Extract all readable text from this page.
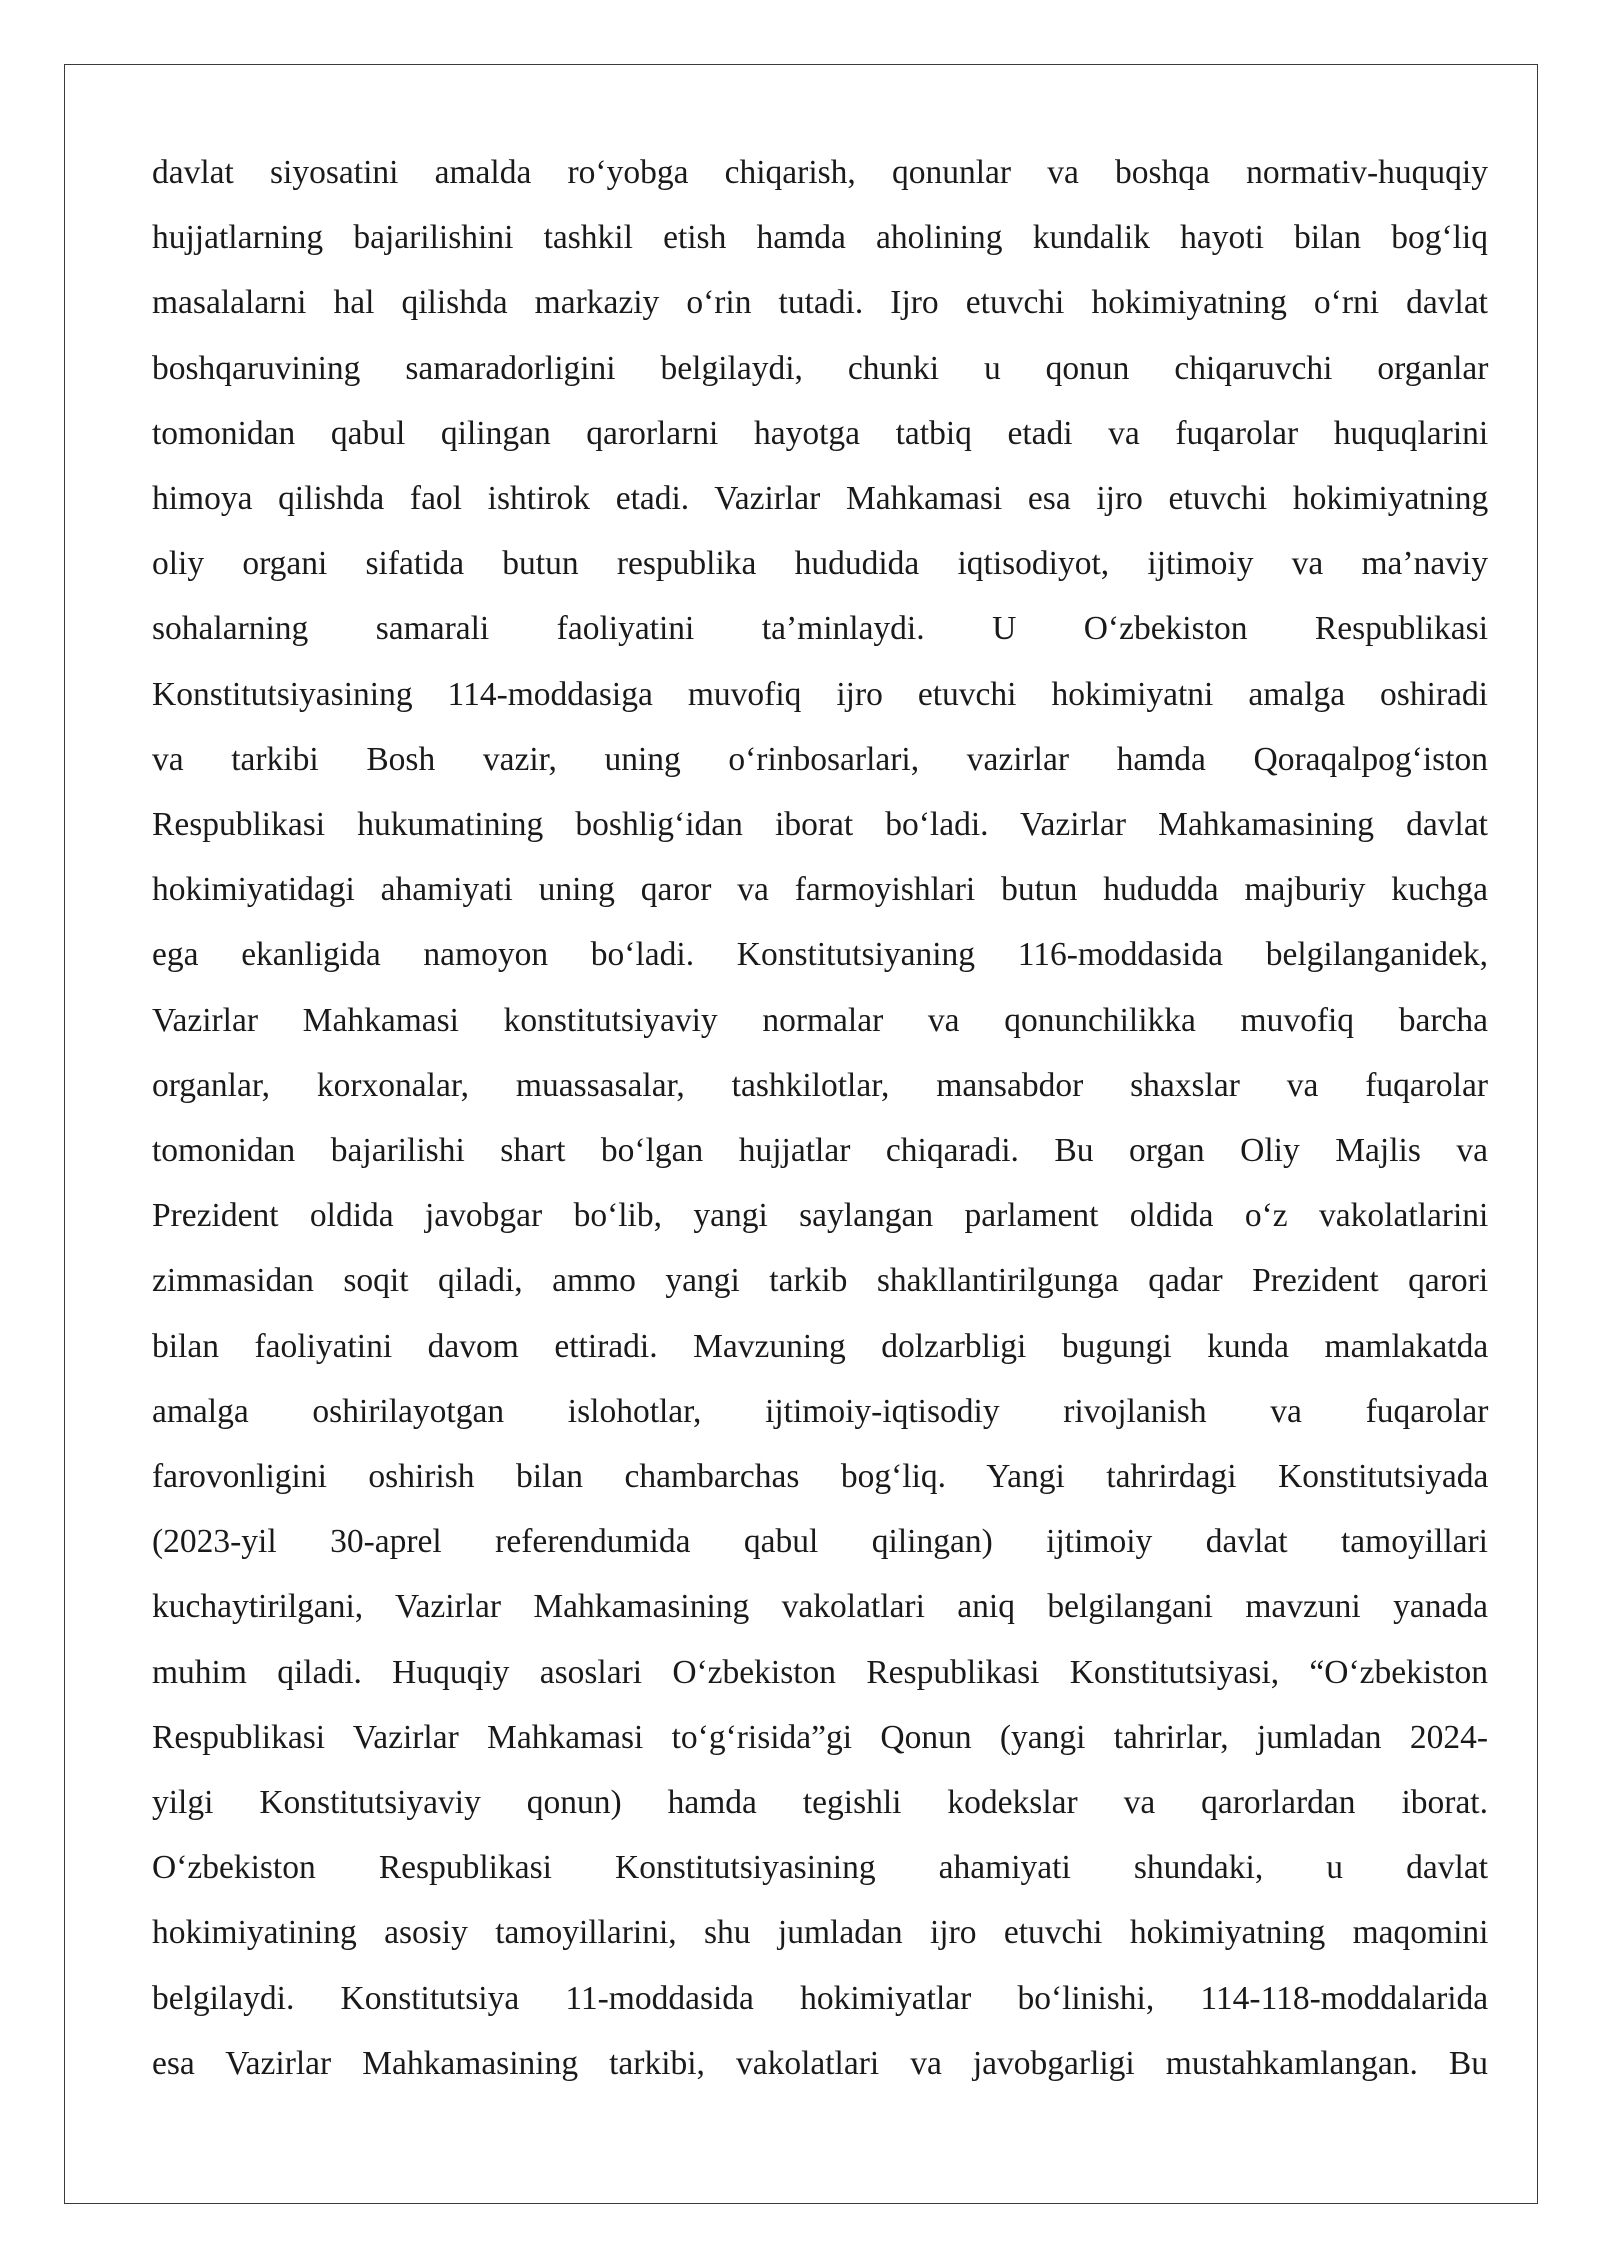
davlat siyosatini amalda ro‘yobga chiqarish, qonunlar va boshqa normativ-huquqiy
hujjatlarning bajarilishini tashkil etish hamda aholining kundalik hayoti bilan bog‘liq
masalalarni hal qilishda markaziy o‘rin tutadi. Ijro etuvchi hokimiyatning o‘rni davlat
boshqaruvining samaradorligini belgilaydi, chunki u qonun chiqaruvchi organlar
tomonidan qabul qilingan qarorlarni hayotga tatbiq etadi va fuqarolar huquqlarini
himoya qilishda faol ishtirok etadi. Vazirlar Mahkamasi esa ijro etuvchi hokimiyatning
oliy organi sifatida butun respublika hududida iqtisodiyot, ijtimoiy va ma’naviy
sohalarning samarali faoliyatini ta’minlaydi. U O‘zbekiston Respublikasi
Konstitutsiyasining 114-moddasiga muvofiq ijro etuvchi hokimiyatni amalga oshiradi
va tarkibi Bosh vazir, uning o‘rinbosarlari, vazirlar hamda Qoraqalpog‘iston
Respublikasi hukumatining boshlig‘idan iborat bo‘ladi. Vazirlar Mahkamasining davlat
hokimiyatidagi ahamiyati uning qaror va farmoyishlari butun hududda majburiy kuchga
ega ekanligida namoyon bo‘ladi. Konstitutsiyaning 116-moddasida belgilanganidek,
Vazirlar Mahkamasi konstitutsiyaviy normalar va qonunchilikka muvofiq barcha
organlar, korxonalar, muassasalar, tashkilotlar, mansabdor shaxslar va fuqarolar
tomonidan bajarilishi shart bo‘lgan hujjatlar chiqaradi. Bu organ Oliy Majlis va
Prezident oldida javobgar bo‘lib, yangi saylangan parlament oldida o‘z vakolatlarini
zimmasidan soqit qiladi, ammo yangi tarkib shakllantirilgunga qadar Prezident qarori
bilan faoliyatini davom ettiradi. Mavzuning dolzarbligi bugungi kunda mamlakatda
amalga oshirilayotgan islohotlar, ijtimoiy-iqtisodiy rivojlanish va fuqarolar
farovonligini oshirish bilan chambarchas bog‘liq. Yangi tahrirdagi Konstitutsiyada
(2023-yil 30-aprel referendumida qabul qilingan) ijtimoiy davlat tamoyillari
kuchaytirilgani, Vazirlar Mahkamasining vakolatlari aniq belgilangani mavzuni yanada
muhim qiladi. Huquqiy asoslari O‘zbekiston Respublikasi Konstitutsiyasi, “O‘zbekiston
Respublikasi Vazirlar Mahkamasi to‘g‘risida”gi Qonun (yangi tahrirlar, jumladan 2024-
yilgi Konstitutsiyaviy qonun) hamda tegishli kodekslar va qarorlardan iborat.
O‘zbekiston Respublikasi Konstitutsiyasining ahamiyati shundaki, u davlat
hokimiyatining asosiy tamoyillarini, shu jumladan ijro etuvchi hokimiyatning maqomini
belgilaydi. Konstitutsiya 11-moddasida hokimiyatlar bo‘linishi, 114-118-moddalarida
esa Vazirlar Mahkamasining tarkibi, vakolatlari va javobgarligi mustahkamlangan. Bu
